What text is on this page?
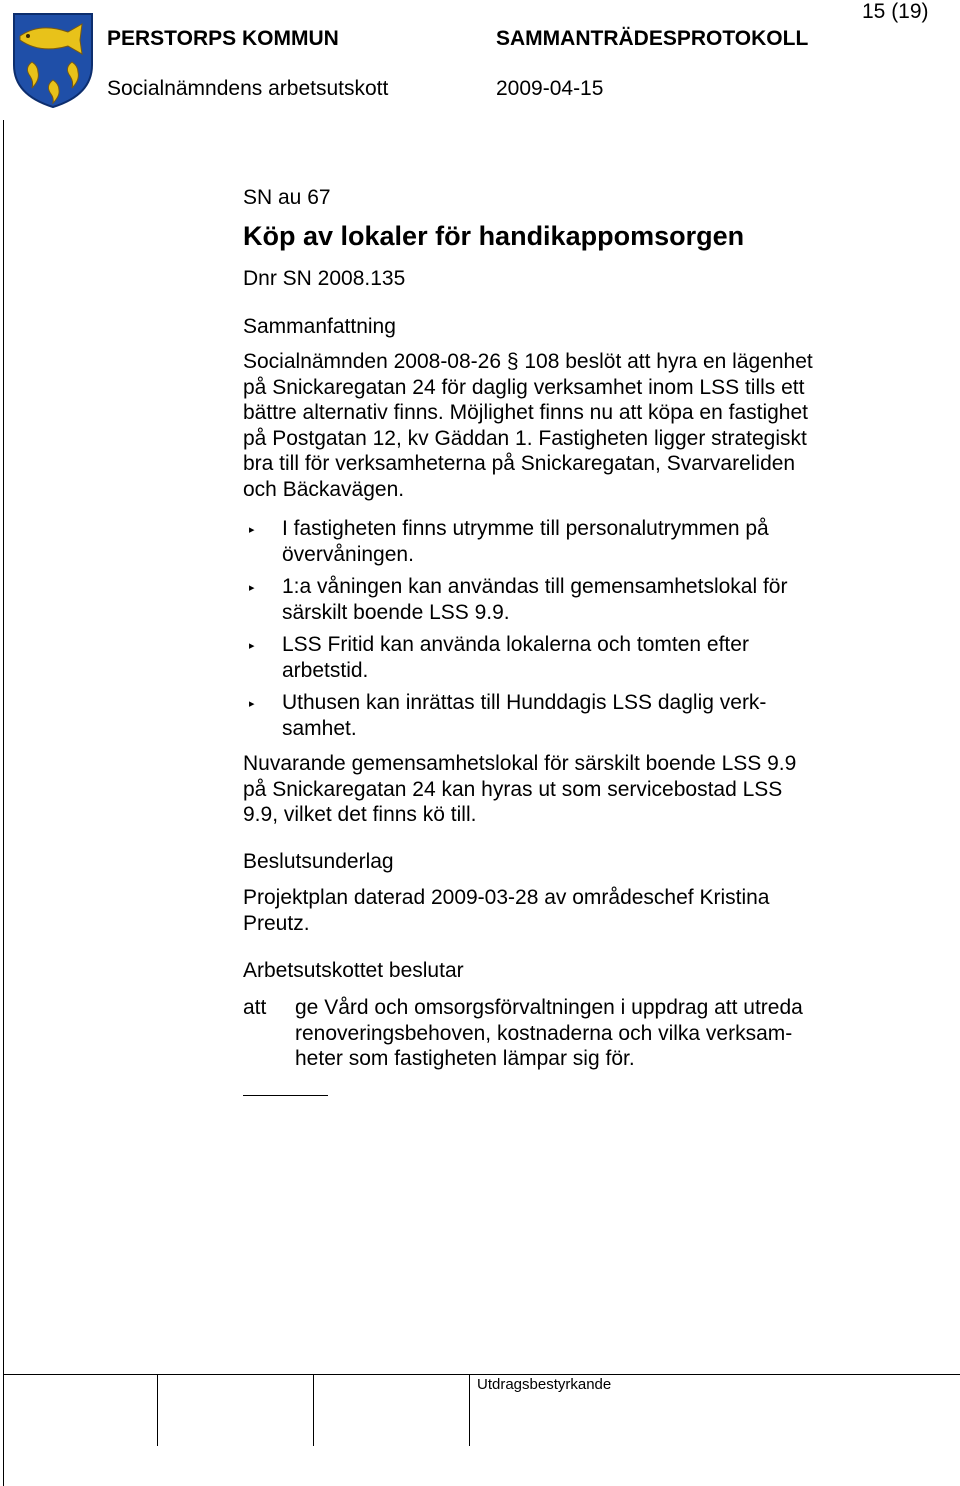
PERSTORPS KOMMUN	SAMMANTRÄDESPROTOKOLL
Socialnämndens arbetsutskott	2009-04-15
15 (19)
Utdragsbestyrkande
SN au 67
Köp av lokaler för handikappomsorgen
Dnr SN 2008.135
Sammanfattning
Socialnämnden 2008-08-26 § 108 beslöt att hyra en lägenhet
på Snickaregatan 24 för daglig verksamhet inom LSS tills ett
bättre alternativ finns. Möjlighet finns nu att köpa en fastighet
på Postgatan 12, kv Gäddan 1. Fastigheten ligger strategiskt
bra till för verksamheterna på Snickaregatan, Svarvareliden
och Bäckavägen.
▸ I fastigheten finns utrymme till personalutrymmen på
övervåningen.
▸ 1:a våningen kan användas till gemensamhetslokal för
särskilt boende LSS 9.9.
▸ LSS Fritid kan använda lokalerna och tomten efter
arbetstid.
▸ Uthusen kan inrättas till Hunddagis LSS daglig verk-
samhet.
Nuvarande gemensamhetslokal för särskilt boende LSS 9.9
på Snickaregatan 24 kan hyras ut som servicebostad LSS
9.9, vilket det finns kö till.
Beslutsunderlag
Projektplan daterad 2009-03-28 av områdeschef Kristina
Preutz.
Arbetsutskottet beslutar
att ge Vård och omsorgsförvaltningen i uppdrag att utreda
renoveringsbehoven, kostnaderna och vilka verksam-
heter som fastigheten lämpar sig för.
